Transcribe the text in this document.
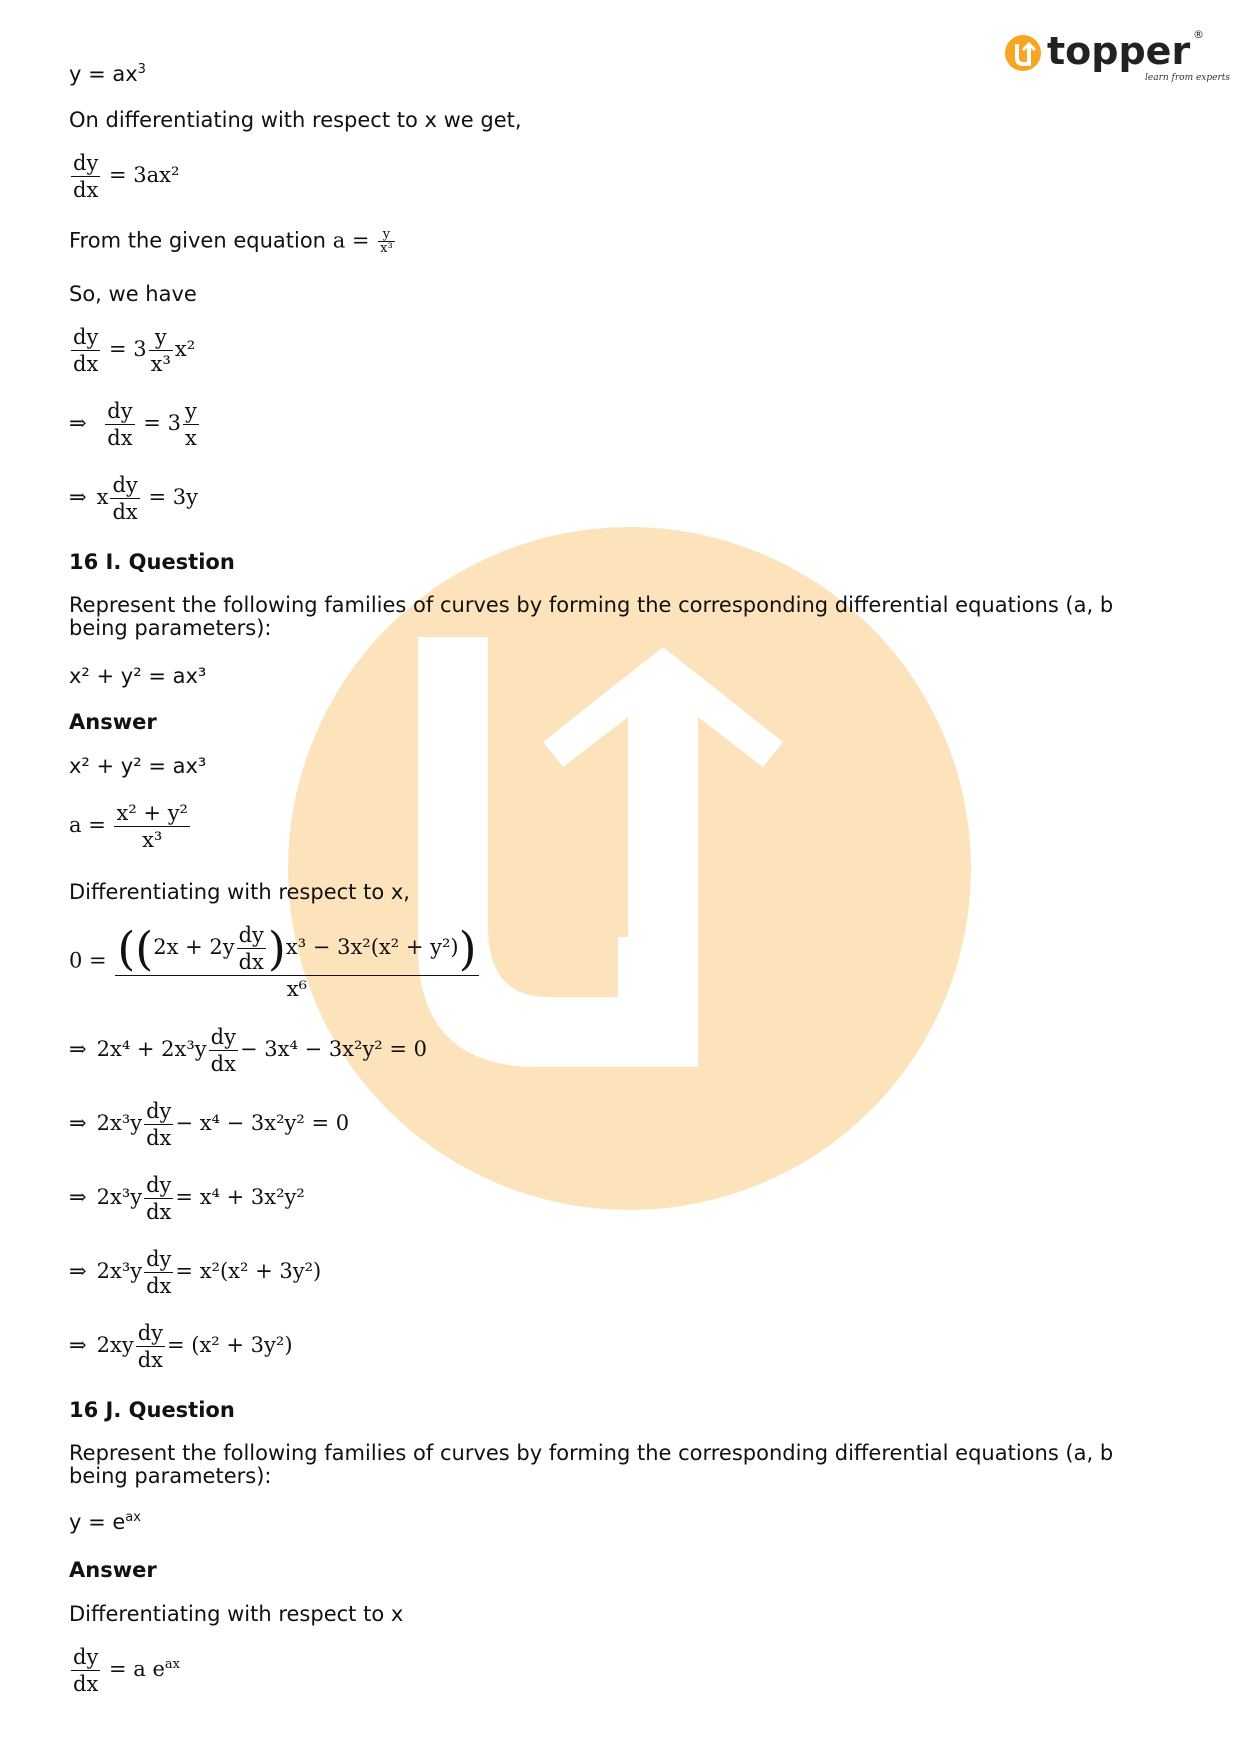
topper ®
learn from experts
$y = ax^3$
On differentiating with respect to x we get,
$\frac{dy}{dx} = 3ax^2$
From the given equation $a = \frac{y}{\text{x³}}$
So, we have
$\frac{dy}{dx} = 3 \frac{y}{\text{x³}} x^2$
⇒ $\frac{dy}{dx} = 3 \frac{y}{x}$
⇒ x $\frac{dy}{dx} = 3y$
16 I. Question
Represent the following families of curves by forming the corresponding differential equations (a, b being parameters):
x² + y² = ax³
Answer
x² + y² = ax³
$a = \frac{\text{x² + y²}}{\text{x³}}$
Differentiating with respect to x,
$0 = \frac{((2x + 2y \frac{dy}{dx} )x^3 - 3x^2(x^2 + y^2))}{\text{x⁶}}$
⇒ $2x^4 + 2x^3y \frac{dy}{dx} - 3x^4 - 3x^2y^2 = 0$
⇒ $2x^3y \frac{dy}{dx} - x^4 - 3x^2y^2 = 0$
⇒ $2x^3y \frac{dy}{dx} = x^4 + 3x^2y^2$
⇒ $2x^3y \frac{dy}{dx} = x^2(x^2 + 3y^2)$
⇒ $2xy \frac{dy}{dx} = (x^2 + 3y^2)$
16 J. Question
Represent the following families of curves by forming the corresponding differential equations (a, b being parameters):
$y = e^{ax}$
Answer
Differentiating with respect to x
$\frac{dy}{dx} = a$ $e^{ax}$
